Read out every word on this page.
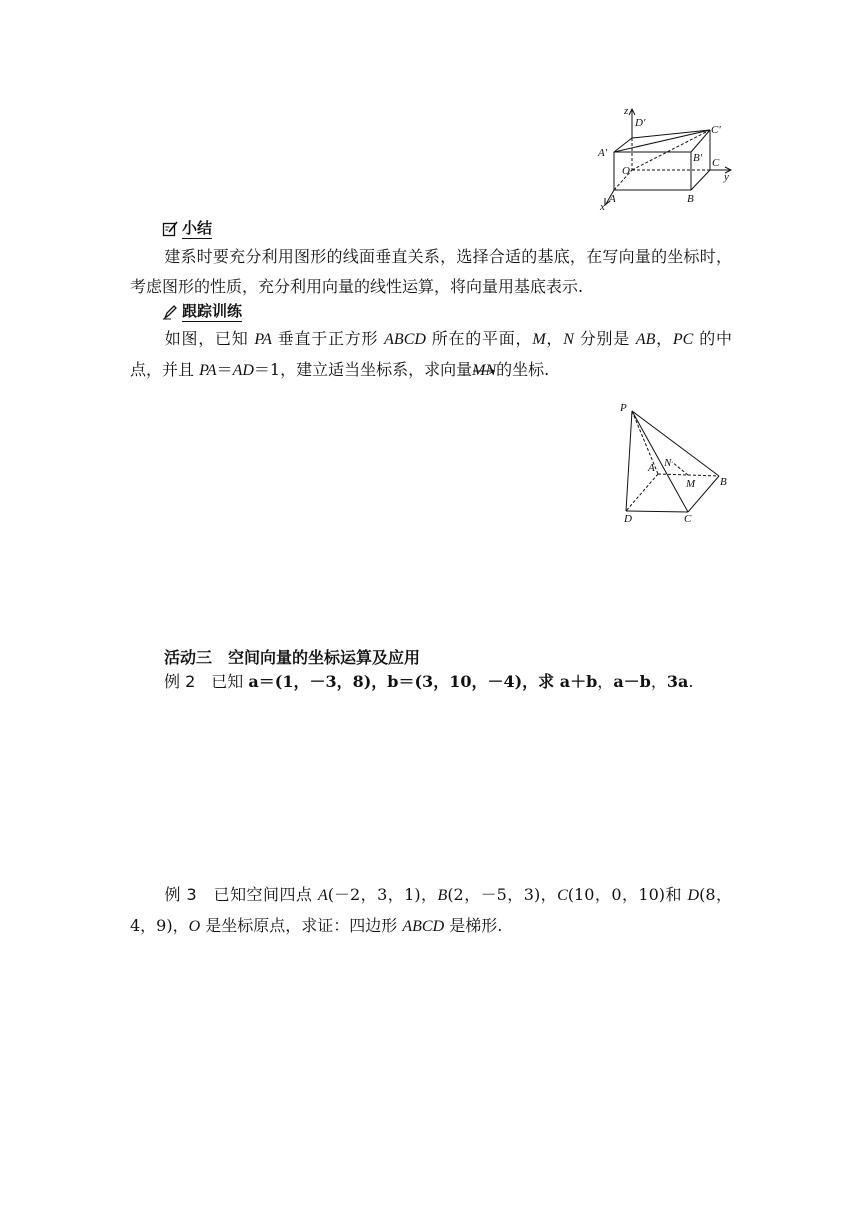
z
D'
C'
A'	B'
O
C
y
x
A	B
小结
建系时要充分利用图形的线面垂直关系，选择合适的基底，在写向量的坐标时，考虑图形的性质，充分利用向量的线性运算，将向量用基底表示.
跟踪训练
如图，已知 PA 垂直于正方形 ABCD 所在的平面，M，N 分别是 AB，PC 的中点，并且 PA＝AD＝1，建立适当坐标系，求向量
MN的坐标.
P
A N
M B
D	C
活动三　空间向量的坐标运算及应用
例 2　已知 a＝(1，－3，8)，b＝(3，10，－4)，求 a＋b，a－b，3a.
例 3　已知空间四点 A(－2，3，1)，B(2，－5，3)，C(10，0，10)和 D(8，4，9)，O 是坐标原点，求证：四边形 ABCD 是梯形.
